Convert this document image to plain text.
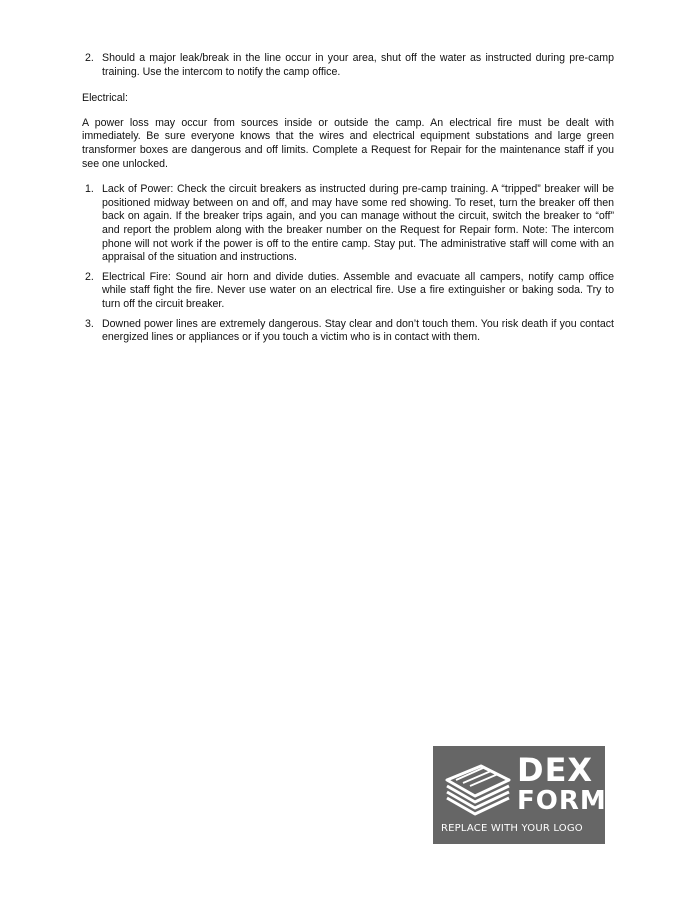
2. Should a major leak/break in the line occur in your area, shut off the water as instructed during pre-camp training. Use the intercom to notify the camp office.
Electrical:

A power loss may occur from sources inside or outside the camp. An electrical fire must be dealt with immediately. Be sure everyone knows that the wires and electrical equipment substations and large green transformer boxes are dangerous and off limits. Complete a Request for Repair for the maintenance staff if you see one unlocked.

1. Lack of Power: Check the circuit breakers as instructed during pre-camp training. A “tripped” breaker will be positioned midway between on and off, and may have some red showing. To reset, turn the breaker off then back on again. If the breaker trips again, and you can manage without the circuit, switch the breaker to “off” and report the problem along with the breaker number on the Request for Repair form. Note: The intercom phone will not work if the power is off to the entire camp. Stay put. The administrative staff will come with an appraisal of the situation and instructions.
2. Electrical Fire: Sound air horn and divide duties. Assemble and evacuate all campers, notify camp office while staff fight the fire. Never use water on an electrical fire. Use a fire extinguisher or baking soda. Try to turn off the circuit breaker.
3. Downed power lines are extremely dangerous. Stay clear and don’t touch them. You risk death if you contact energized lines or appliances or if you touch a victim who is in contact with them.
DEX
FORM
REPLACE WITH YOUR LOGO
